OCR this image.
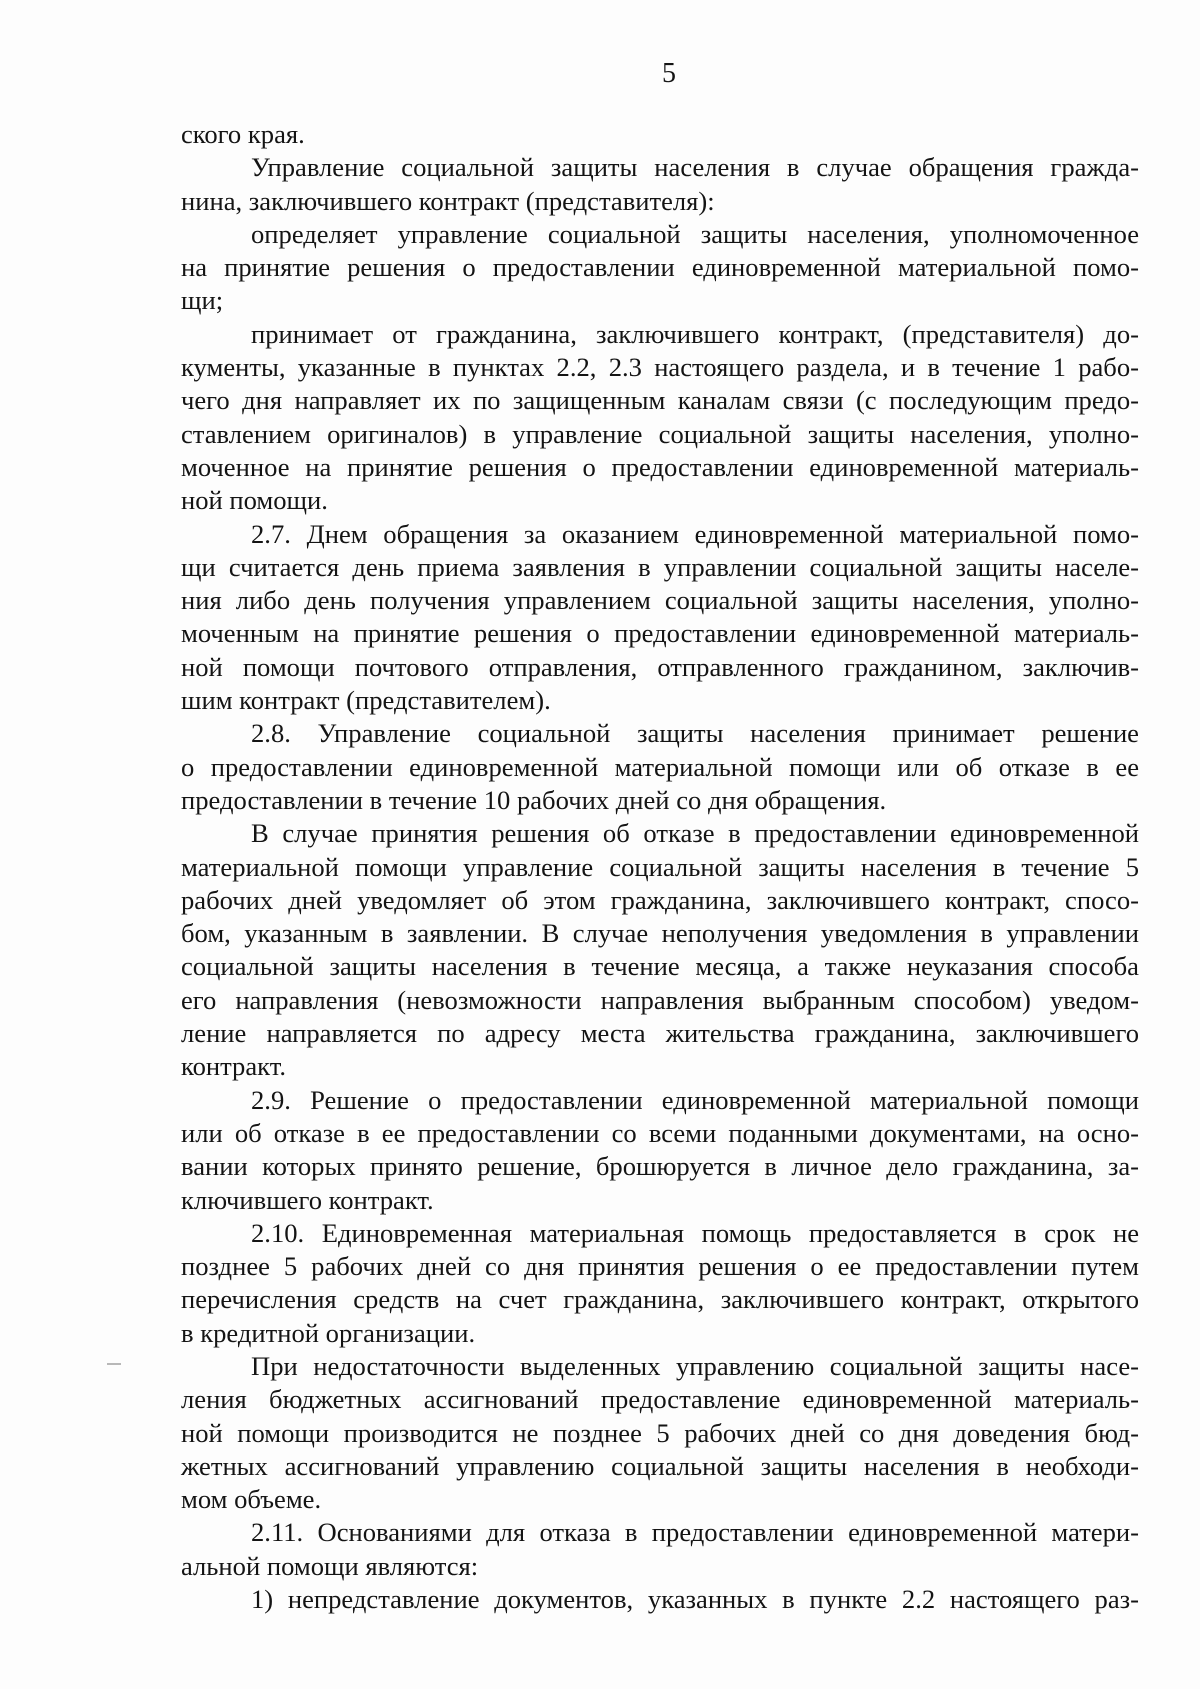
5
ского края.
Управление социальной защиты населения в случае обращения гражда-
нина, заключившего контракт (представителя):
определяет управление социальной защиты населения, уполномоченное
на принятие решения о предоставлении единовременной материальной помо-
щи;
принимает от гражданина, заключившего контракт, (представителя) до-
кументы, указанные в пунктах 2.2, 2.3 настоящего раздела, и в течение 1 рабо-
чего дня направляет их по защищенным каналам связи (с последующим предо-
ставлением оригиналов) в управление социальной защиты населения, уполно-
моченное на принятие решения о предоставлении единовременной материаль-
ной помощи.
2.7. Днем обращения за оказанием единовременной материальной помо-
щи считается день приема заявления в управлении социальной защиты населе-
ния либо день получения управлением социальной защиты населения, уполно-
моченным на принятие решения о предоставлении единовременной материаль-
ной помощи почтового отправления, отправленного гражданином, заключив-
шим контракт (представителем).
2.8. Управление социальной защиты населения принимает решение
о предоставлении единовременной материальной помощи или об отказе в ее
предоставлении в течение 10 рабочих дней со дня обращения.
В случае принятия решения об отказе в предоставлении единовременной
материальной помощи управление социальной защиты населения в течение 5
рабочих дней уведомляет об этом гражданина, заключившего контракт, спосо-
бом, указанным в заявлении. В случае неполучения уведомления в управлении
социальной защиты населения в течение месяца, а также неуказания способа
его направления (невозможности направления выбранным способом) уведом-
ление направляется по адресу места жительства гражданина, заключившего
контракт.
2.9. Решение о предоставлении единовременной материальной помощи
или об отказе в ее предоставлении со всеми поданными документами, на осно-
вании которых принято решение, брошюруется в личное дело гражданина, за-
ключившего контракт.
2.10. Единовременная материальная помощь предоставляется в срок не
позднее 5 рабочих дней со дня принятия решения о ее предоставлении путем
перечисления средств на счет гражданина, заключившего контракт, открытого
в кредитной организации.
При недостаточности выделенных управлению социальной защиты насе-
ления бюджетных ассигнований предоставление единовременной материаль-
ной помощи производится не позднее 5 рабочих дней со дня доведения бюд-
жетных ассигнований управлению социальной защиты населения в необходи-
мом объеме.
2.11. Основаниями для отказа в предоставлении единовременной матери-
альной помощи являются:
1) непредставление документов, указанных в пункте 2.2 настоящего раз-
